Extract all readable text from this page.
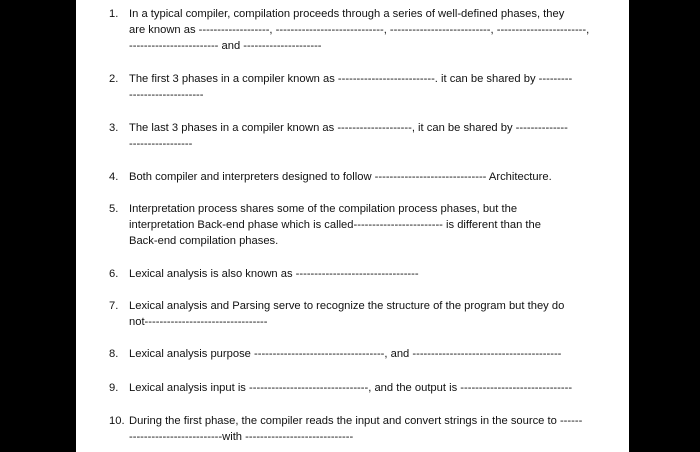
1. In a typical compiler, compilation proceeds through a series of well-defined phases, they
are known as -------------------, -----------------------------, ---------------------------, ------------------------,
------------------------ and ---------------------
2. The first 3 phases in a compiler known as --------------------------. it can be shared by ---------
--------------------
3. The last 3 phases in a compiler known as --------------------, it can be shared by --------------
-----------------
4. Both compiler and interpreters designed to follow ------------------------------ Architecture.
5. Interpretation process shares some of the compilation process phases, but the
interpretation Back-end phase which is called------------------------ is different than the
Back-end compilation phases.
6. Lexical analysis is also known as ---------------------------------
7. Lexical analysis and Parsing serve to recognize the structure of the program but they do
not---------------------------------
8. Lexical analysis purpose -----------------------------------, and ----------------------------------------
9. Lexical analysis input is --------------------------------, and the output is ------------------------------
10. During the first phase, the compiler reads the input and convert strings in the source to ------
-------------------------with -----------------------------
